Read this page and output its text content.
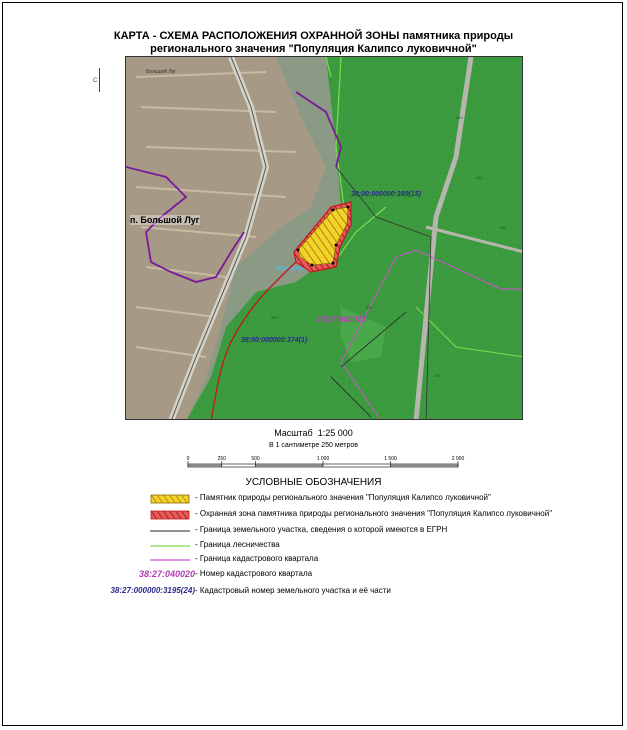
КАРТА - СХЕМА РАСПОЛОЖЕНИЯ ОХРАННОЙ ЗОНЫ памятника природы
регионального значения "Популяция Калипсо луковичной"
Большой Луг
п. Большой Луг
38:00:000000:389(15)
38:00:000000:374(1)
38:27:040023
554
552
556
557
551
555
C
Масштаб 1:25 000
В 1 сантиметре 250 метров
0	250	500	1 000	1 500	2 000
УСЛОВНЫЕ ОБОЗНАЧЕНИЯ
- Памятник природы регионального значения "Популяция Калипсо луковичной"
- Охранная зона памятника природы регионального значения "Популяция Калипсо луковичной"
- Граница земельного участка, сведения о которой имеются в ЕГРН
- Граница лесничества
- Граница кадастрового квартала
38:27:040020 - Номер кадастрового квартала
38:27:000000:3195(24) - Кадастровый номер земельного участка и её части
